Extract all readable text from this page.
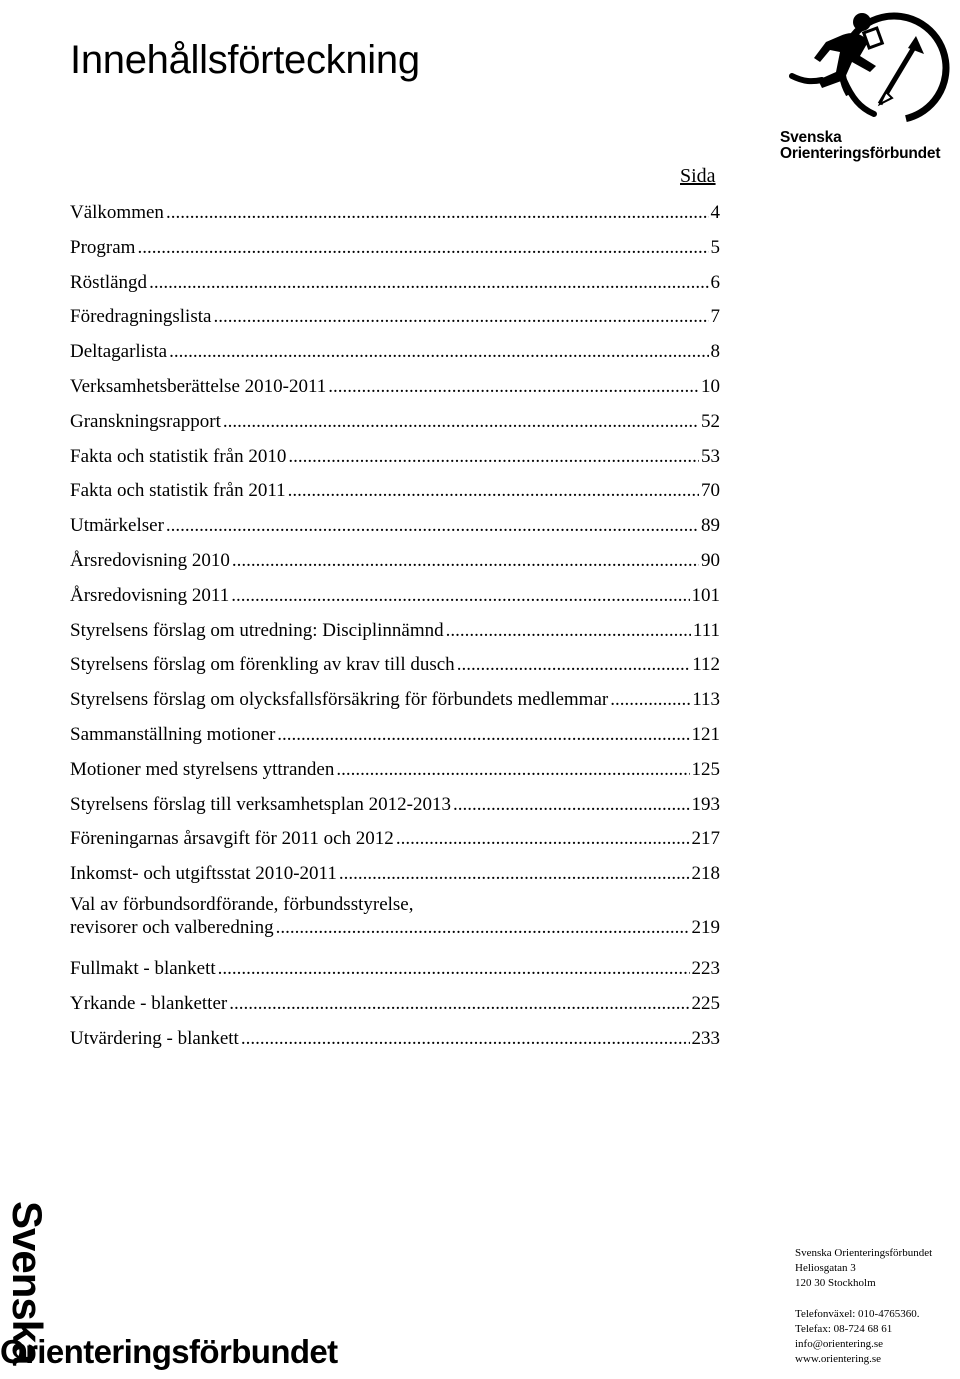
Innehållsförteckning
Svenska
Orienteringsförbundet
Sida
Välkommen .....	4
Program .....	5
Röstlängd .....	6
Föredragningslista .....	7
Deltagarlista .....	8
Verksamhetsberättelse 2010-2011 .....	10
Granskningsrapport .....	52
Fakta och statistik från 2010 .....	53
Fakta och statistik från 2011 .....	70
Utmärkelser .....	89
Årsredovisning 2010 .....	90
Årsredovisning 2011 .....	101
Styrelsens förslag om utredning: Disciplinnämnd .....	111
Styrelsens förslag om förenkling av krav till dusch .....	112
Styrelsens förslag om olycksfallsförsäkring för förbundets medlemmar .....	113
Sammanställning motioner .....	121
Motioner med styrelsens yttranden .....	125
Styrelsens förslag till verksamhetsplan 2012-2013 .....	193
Föreningarnas årsavgift för 2011 och 2012 .....	217
Inkomst- och utgiftsstat 2010-2011 .....	218
Val av förbundsordförande, förbundsstyrelse,
revisorer och valberedning .....	219
Fullmakt - blankett .....	223
Yrkande - blanketter .....	225
Utvärdering - blankett .....	233
Svenska
Orienteringsförbundet
Svenska Orienteringsförbundet
Heliosgatan 3
120 30 Stockholm
Telefonväxel: 010-4765360.
Telefax: 08-724 68 61
info@orientering.se
www.orientering.se
